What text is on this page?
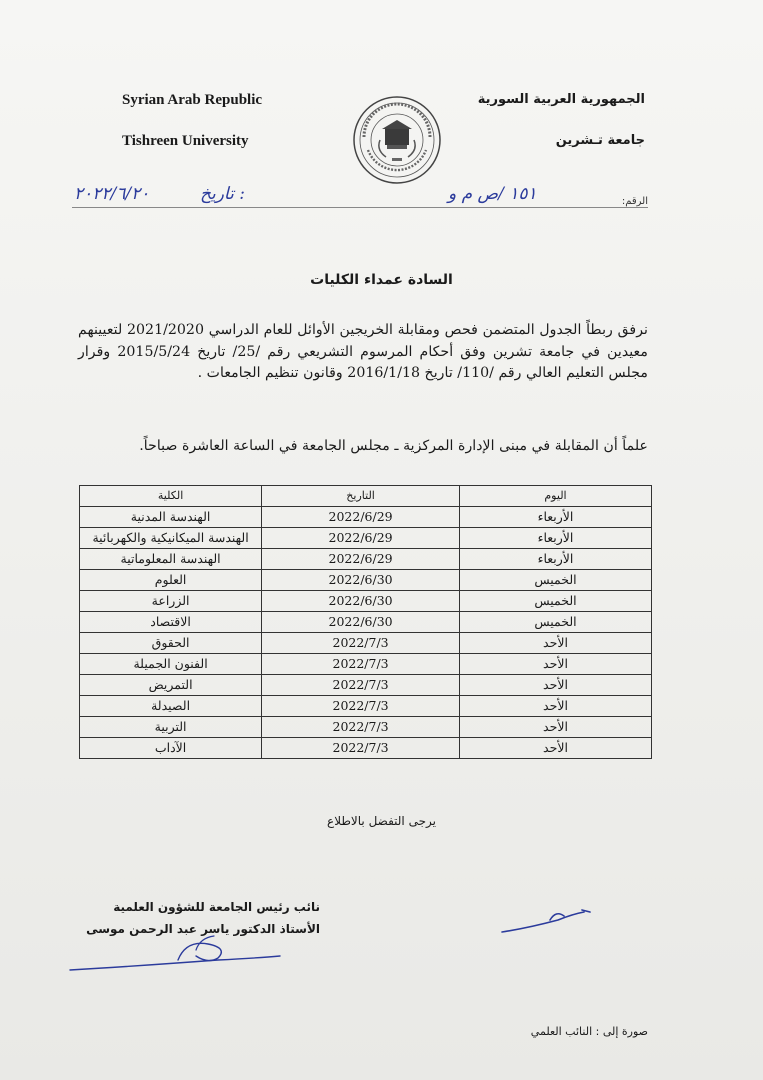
Syrian Arab Republic
Tishreen University
الجمهورية العربية السورية
جامعة تـشرين
الرقم:
١٥١ /ص م و
تاريخ :
٢٠٢٢/٦/٢٠
السادة عمداء الكليات
نرفق ربطاً الجدول المتضمن فحص ومقابلة الخريجين الأوائل للعام الدراسي 2021/2020 لتعيينهم معيدين في جامعة تشرين وفق أحكام المرسوم التشريعي رقم /25/ تاريخ 2015/5/24 وقرار مجلس التعليم العالي رقم /110/ تاريخ 2016/1/18 وقانون تنظيم الجامعات .
علماً أن المقابلة في مبنى الإدارة المركزية ـ مجلس الجامعة في الساعة العاشرة صباحاً.
اليوم	التاريخ	الكلية
الأربعاء	2022/6/29	الهندسة المدنية
الأربعاء	2022/6/29	الهندسة الميكانيكية والكهربائية
الأربعاء	2022/6/29	الهندسة المعلوماتية
الخميس	2022/6/30	العلوم
الخميس	2022/6/30	الزراعة
الخميس	2022/6/30	الاقتصاد
الأحد	2022/7/3	الحقوق
الأحد	2022/7/3	الفنون الجميلة
الأحد	2022/7/3	التمريض
الأحد	2022/7/3	الصيدلة
الأحد	2022/7/3	التربية
الأحد	2022/7/3	الآداب
يرجى التفضل بالاطلاع
نائب رئيس الجامعة للشؤون العلمية
الأستاذ الدكتور ياسر عبد الرحمن موسى
صورة إلى : النائب العلمي
